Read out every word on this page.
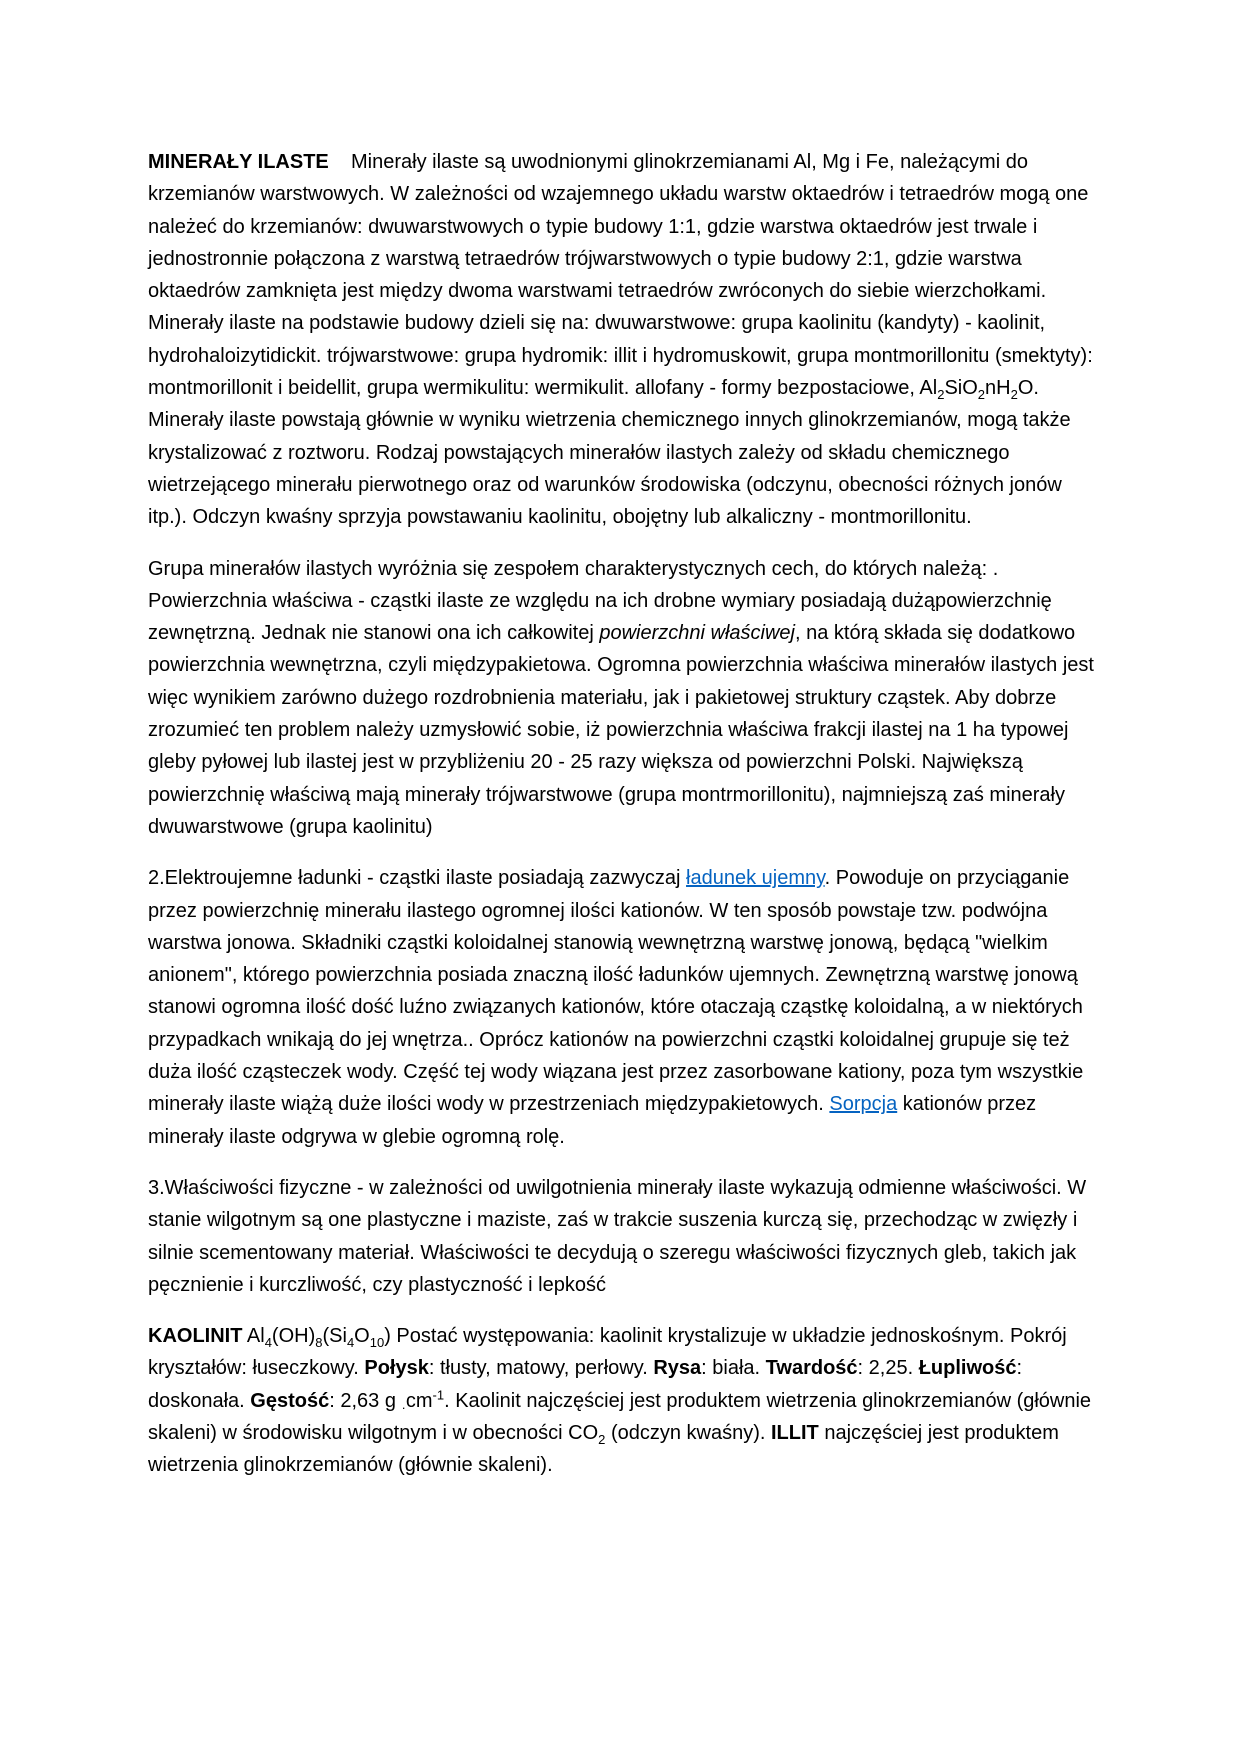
MINERAŁY ILASTE Minerały ilaste są uwodnionymi glinokrzemianami Al, Mg i Fe, należącymi do krzemianów warstwowych. W zależności od wzajemnego układu warstw oktaedrów i tetraedrów mogą one należeć do krzemianów: dwuwarstwowych o typie budowy 1:1, gdzie warstwa oktaedrów jest trwale i jednostronnie połączona z warstwą tetraedrów trójwarstwowych o typie budowy 2:1, gdzie warstwa oktaedrów zamknięta jest między dwoma warstwami tetraedrów zwróconych do siebie wierzchołkami. Minerały ilaste na podstawie budowy dzieli się na: dwuwarstwowe: grupa kaolinitu (kandyty) - kaolinit, hydrohaloizytidickit. trójwarstwowe: grupa hydromik: illit i hydromuskowit, grupa montmorillonitu (smektyty): montmorillonit i beidellit, grupa wermikulitu: wermikulit. allofany - formy bezpostaciowe, $Al_2SiO_2nH_2O$. Minerały ilaste powstają głównie w wyniku wietrzenia chemicznego innych glinokrzemianów, mogą także krystalizować z roztworu. Rodzaj powstających minerałów ilastych zależy od składu chemicznego wietrzejącego minerału pierwotnego oraz od warunków środowiska (odczynu, obecności różnych jonów itp.). Odczyn kwaśny sprzyja powstawaniu kaolinitu, obojętny lub alkaliczny - montmorillonitu.

Grupa minerałów ilastych wyróżnia się zespołem charakterystycznych cech, do których należą: . Powierzchnia właściwa - cząstki ilaste ze względu na ich drobne wymiary posiadają dużąpowierzchnię zewnętrzną. Jednak nie stanowi ona ich całkowitej powierzchni właściwej, na którą składa się dodatkowo powierzchnia wewnętrzna, czyli międzypakietowa. Ogromna powierzchnia właściwa minerałów ilastych jest więc wynikiem zarówno dużego rozdrobnienia materiału, jak i pakietowej struktury cząstek. Aby dobrze zrozumieć ten problem należy uzmysłowić sobie, iż powierzchnia właściwa frakcji ilastej na 1 ha typowej gleby pyłowej lub ilastej jest w przybliżeniu 20 - 25 razy większa od powierzchni Polski. Największą powierzchnię właściwą mają minerały trójwarstwowe (grupa montrmorillonitu), najmniejszą zaś minerały dwuwarstwowe (grupa kaolinitu)

2.Elektroujemne ładunki - cząstki ilaste posiadają zazwyczaj ładunek ujemny. Powoduje on przyciąganie przez powierzchnię minerału ilastego ogromnej ilości kationów. W ten sposób powstaje tzw. podwójna warstwa jonowa. Składniki cząstki koloidalnej stanowią wewnętrzną warstwę jonową, będącą "wielkim anionem", którego powierzchnia posiada znaczną ilość ładunków ujemnych. Zewnętrzną warstwę jonową stanowi ogromna ilość dość luźno związanych kationów, które otaczają cząstkę koloidalną, a w niektórych przypadkach wnikają do jej wnętrza.. Oprócz kationów na powierzchni cząstki koloidalnej grupuje się też duża ilość cząsteczek wody. Część tej wody wiązana jest przez zasorbowane kationy, poza tym wszystkie minerały ilaste wiążą duże ilości wody w przestrzeniach międzypakietowych. Sorpcja kationów przez minerały ilaste odgrywa w glebie ogromną rolę.

3.Właściwości fizyczne - w zależności od uwilgotnienia minerały ilaste wykazują odmienne właściwości. W stanie wilgotnym są one plastyczne i maziste, zaś w trakcie suszenia kurczą się, przechodząc w zwięzły i silnie scementowany materiał. Właściwości te decydują o szeregu właściwości fizycznych gleb, takich jak pęcznienie i kurczliwość, czy plastyczność i lepkość

KAOLINIT $Al_4(OH)_8(Si_4O_{10})$ Postać występowania: kaolinit krystalizuje w układzie jednoskośnym. Pokrój kryształów: łuseczkowy. Połysk: tłusty, matowy, perłowy. Rysa: biała. Twardość: 2,25. Łupliwość: doskonała. Gęstość: 2,63 g $_\cdot cm^{-1}$. Kaolinit najczęściej jest produktem wietrzenia glinokrzemianów (głównie skaleni) w środowisku wilgotnym i w obecności $CO_2$ (odczyn kwaśny). ILLIT najczęściej jest produktem wietrzenia glinokrzemianów (głównie skaleni).
